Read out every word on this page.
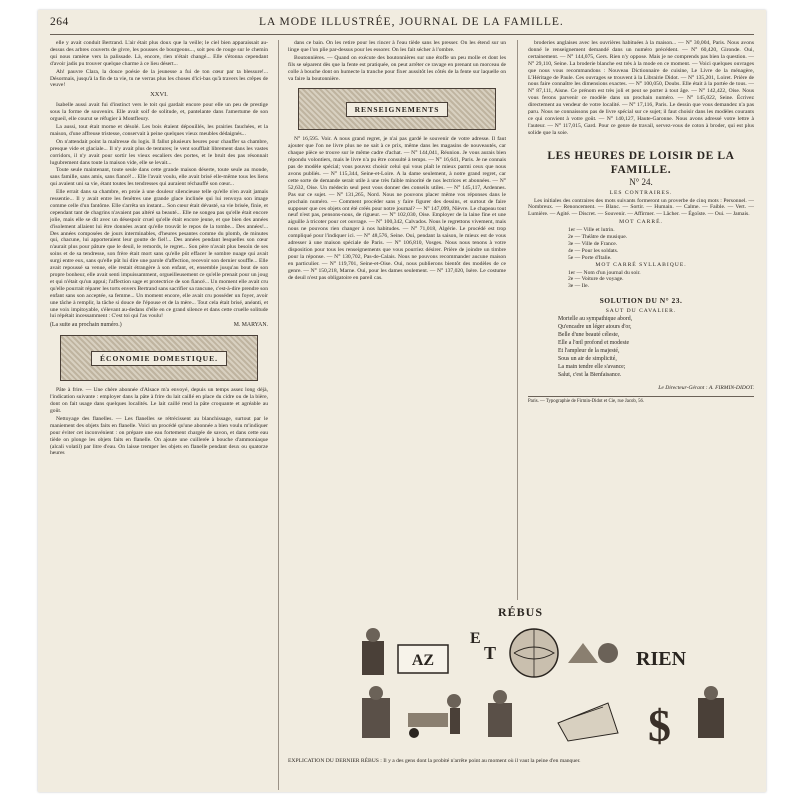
264	LA MODE ILLUSTRÉE, JOURNAL DE LA FAMILLE.

elle y avait conduit Bertrand. L'air était plus doux que la veille; le ciel bien apparaissait au-dessus des arbres couverts de givre, les pousses de bourgeons..., soit peu de rouge sur le chemin qui nous ramène vers la palissade. Là, encore, rien n'était changé... Elle s'étonna cependant d'avoir jadis pu trouver quelque charme à ce lieu désert...

Ah! pauvre Clara, la douce poésie de la jeunesse a fui de ton cœur par ta blessure!... Désormais, jusqu'à la fin de ta vie, tu ne verras plus les choses d'ici-bas qu'à travers les crêpes de veuve!

XXVI.

Isabelle aussi avait fui d'instinct vers le toit qui gardait encore pour elle un peu de prestige sous la forme de souvenirs. Elle avait soif de solitude, et, pantelante dans l'amertume de son orgueil, elle courut se réfugier à Montfleury.

La aussi, tout était morne et désolé. Les bois étaient dépouillés, les prairies fauchées, et la maison, d'une affreuse tristesse, conservait à peine quelques vieux meubles dédaignés...

On n'attendait point la maîtresse du logis. Il fallut plusieurs heures pour chauffer sa chambre, presque vide et glaciale... Il n'y avait plus de tentures; le vent soufflait librement dans les vastes corridors, il n'y avait pour sortir les vieux escaliers des portes, et le bruit des pas résonnait lugubrement dans toute la maison vide, elle se levait...

Toute seule maintenant, toute seule dans cette grande maison déserte, toute seule au monde, sans famille, sans amis, sans fiancé!... Elle l'avait voulu, elle avait brisé elle-même tous les liens qui avaient uni sa vie, étant toutes les tendresses qui auraient réchauffé son cœur...

Elle errait dans sa chambre, en proie à une douleur silencieuse telle qu'elle n'en avait jamais ressentie... Il y avait entre les fenêtres une grande glace inclinée qui lui renvoya son image comme celle d'un fantôme. Elle s'arrêta un instant... Son cœur était dévasté, sa vie brisée, finie, et cependant tant de chagrins n'avaient pas altéré sa beauté... Elle ne songea pas qu'elle était encore jolie, mais elle se dit avec un désespoir cruel qu'elle était encore jeune, et que bien des années d'isolement allaient lui être données avant qu'elle trouvât le repos de la tombe... Des années!... Des années composées de jours interminables, d'heures pesantes comme du plomb, de minutes qui, chacune, lui apporteraient leur goutte de fiel!... Des années pendant lesquelles son cœur n'aurait plus pour pâture que le deuil, le remords, le regret... Son père n'avait plus besoin de ses soins et de sa tendresse, son frère était mort sans qu'elle pût effacer le sombre nuage qui avait surgi entre eux, sans qu'elle pût lui dire une parole d'affection, recevoir son dernier souffle... Elle avait repoussé sa venue, elle restait étrangère à son enfant, et, ensemble jusqu'au bout de son propre bonheur, elle avait senti impuissamment, orgueilleusement ce qu'elle prenait pour un joug et qui n'était qu'un appui; l'affection sage et protectrice de son fiancé... Un moment elle avait cru qu'elle pourrait réparer les torts envers Bertrand sans sacrifier sa rancune, c'est-à-dire prendre son enfant sans son acceptée, sa femme... Un moment encore, elle avait cru posséder un foyer, avoir une tâche à remplir, la tâche si douce de l'épouse et de la mère... Tout cela était brisé, anéanti, et une voix impitoyable, s'élevant au-dedans d'elle en ce grand silence et dans cette cruelle solitude lui répétait incessamment : C'est toi qui l'as voulu!

(La suite au prochain numéro.)	M. MARYAN.
ÉCONOMIE DOMESTIQUE.

Pâte à frire. — Une chère abonnée d'Alsace m'a envoyé, depuis un temps assez long déjà, l'indication suivante : employer dans la pâte à frire du lait caillé en place du cidre ou de la bière, dont on fait usage dans quelques localités. Le lait caillé rend la pâte croquante et agréable au goût.

Nettoyage des flanelles. — Les flanelles se rétrécissent au blanchissage, surtout par le maniement des objets faits en flanelle. Voici un procédé qu'une abonnée a bien voulu m'indiquer pour éviter cet inconvénient : on prépare une eau fortement chargée de savon, et dans cette eau tiède on plonge les objets faits en flanelle. On ajoute une cuillerée à bouche d'ammoniaque (alcali volatil) par litre d'eau. On laisse tremper les objets en flanelle pendant deux ou quatorze heures

dans ce bain. On les retire pour les rincer à l'eau tiède sans les presser. On les étend sur un linge que l'on plie par-dessus pour les essorer. On les fait sécher à l'ombre.

Boutonnières. — Quand on exécute des boutonnières sur une étoffe un peu molle et dont les fils se séparent dès que la fente est pratiquée, on peut arrêter ce ravage en prenant un morceau de colle à bouche dont on humecte la tranche pour fixer aussitôt les côtés de la fente sur laquelle on va faire la boutonnière.

RENSEIGNEMENTS

N° 16,595. Voir. A nous grand regret, je n'ai pas gardé le souvenir de votre adresse. Il faut ajouter que l'on ne livre plus ne ne sait à ce prix, même dans les magasins de nouveautés, car chaque pièce se trouve sur le même cadre d'achat. — N° 144,041, Réunion. Je vous aurais bien répondu volontiers, mais le livre n'a pu être consulté à temps. — N° 16,641, Paris. Je ne connais pas de modèle spécial; vous pouvez choisir celui qui vous plaît le mieux parmi ceux que nous avons publiés. — N° 115,344, Seine-et-Loire. A la dame seulement, à notre grand regret, car cette sorte de demande serait utile à une très faible minorité de nos lectrices et abonnées. — N° 52,632, Oise. Un médecin seul peut vous donner des conseils utiles. — N° 145,117, Ardennes. Pas sur ce sujet. — N° 131,265, Nord. Nous ne pouvons placer même vos réponses dans le prochain numéro. — Comment procéder sans y faire figurer des dessins, et surtout de faire supposer que ces objets ont été créés pour notre journal? — N° 147,099, Nièvre. Le chapeau tout neuf n'est pas, pensons-nous, de rigueur. — N° 102,030, Oise. Employer de la laine fine et une aiguille à tricoter pour cet ouvrage. — N° 100,342, Calvados. Nous le regrettons vivement, mais nous ne pouvons rien changer à nos habitudes. — N° 71,018, Algérie. Le procédé est trop compliqué pour l'indiquer ici. — N° 48,576, Seine. Oui, pendant la saison, le mieux est de vous adresser à une maison spéciale de Paris. — N° 106,810, Vosges. Nous nous tenons à votre disposition pour tous les renseignements que vous pourriez désirer. Prière de joindre un timbre pour la réponse. — N° 130,702, Pas-de-Calais. Nous ne pouvons recommander aucune maison en particulier. — N° 119,701, Seine-et-Oise. Oui, nous publierons bientôt des modèles de ce genre. — N° 150,218, Marne. Oui, pour les dames seulement. — N° 137,020, Isère. Le costume de deuil n'est pas obligatoire en pareil cas.

broderies anglaises avec les ouvrières habituées à la maison... — N° 30,004, Paris. Nous avons donné le renseignement demandé dans un numéro précédent. — N° 60,420, Gironde. Oui, certainement. — N° 144,075, Gers. Rien n'y oppose. Mais je ne comprends pas bien la question. — N° 29,110, Seine. La broderie blanche est très à la mode en ce moment. — Voici quelques ouvrages que nous vous recommandons : Nouveau Dictionnaire de cuisine, Le Livre de la ménagère, L'Héritage de Paule. Ces ouvrages se trouvent à la Librairie Didot. — N° 135,201, Loiret. Prière de nous faire connaître les dimensions exactes. — N° 100,050, Doubs. Elle était à la portée de tous. — N° 87,111, Aisne. Ce prénom est très joli et peut se porter à tout âge. — N° 142,422, Oise. Nous vous ferons parvenir ce modèle dans un prochain numéro. — N° 145,022, Seine. Écrivez directement au vendeur de votre localité. — N° 17,116, Paris. Le dessin que vous demandez n'a pas paru. Nous ne connaissons pas de livre spécial sur ce sujet; il faut choisir dans les modèles courants ce qui convient à votre goût. — N° 140,127, Haute-Garonne. Nous avons adressé votre lettre à l'auteur. — N° 117,015, Gard. Pour ce genre de travail, servez-vous de coton à broder, qui est plus solide que la soie.

LES HEURES DE LOISIR DE LA FAMILLE.
N° 24.

LES CONTRAIRES.

Les initiales des contraires des mots suivants formeront un proverbe de cinq mots : Personnel. — Nombreux. — Renoncement. — Blanc. — Sortir. — Humain. — Calme. — Faible. — Vert. — Lumière. — Agité. — Discret. — Souvenir. — Affirmer. — Lâcher. — Égoïste. — Oui. — Jamais.

MOT CARRÉ.

1er — Ville et lutrin.
2e — Théâtre de musique.
3e — Ville de France.
4e — Pour les soldats.
5e — Porte d'Italie.

MOT CARRÉ SYLLABIQUE.

1er — Nom d'un journal du soir.
2e — Voiture de voyage.
3e — Ile.
SOLUTION DU N° 23.

SAUT DU CAVALIER.

Mortelle au sympathique abord,

Qu'encadre un léger atours d'or,

Belle d'une beauté céleste,

Elle a l'œil profond et modeste

Et l'ampleur de la majesté,

Sous un air de simplicité,

La main tendre elle s'avance;

Salut, c'est la Bienfaisance.

Le Directeur-Gérant : A. FIRMIN-DIDOT.
Paris. — Typographie de Firmin-Didot et Cie, rue Jacob, 56.
RÉBUS
AZ
E
T	RIEN
$
EXPLICATION DU DERNIER RÉBUS : Il y a des gens dont la probité n'arrête point au moment où il vaut la peine d'en manquer.
